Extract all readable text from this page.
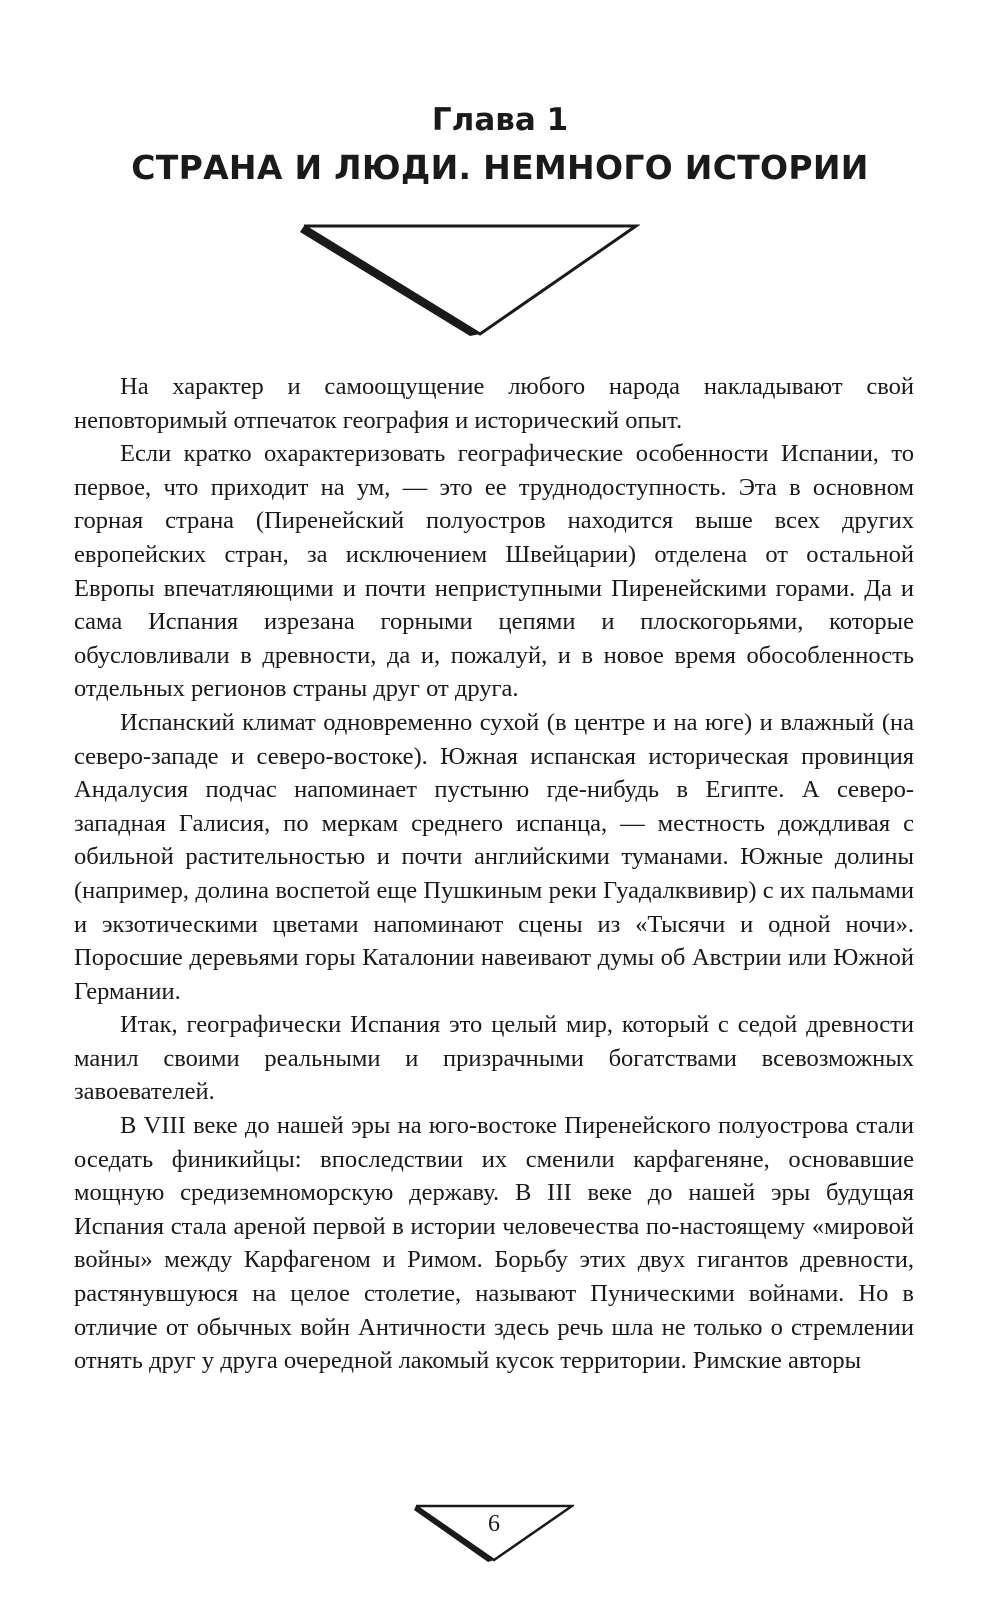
Глава 1
СТРАНА И ЛЮДИ. НЕМНОГО ИСТОРИИ

На характер и самоощущение любого народа накладывают свой неповторимый отпечаток география и исторический опыт.

Если кратко охарактеризовать географические особенности Испании, то первое, что приходит на ум, — это ее труднодоступность. Эта в основном горная страна (Пиренейский полуостров находится выше всех других европейских стран, за исключением Швейцарии) отделена от остальной Европы впечатляющими и почти неприступными Пиренейскими горами. Да и сама Испания изрезана горными цепями и плоскогорьями, которые обусловливали в древности, да и, пожалуй, и в новое время обособленность отдельных регионов страны друг от друга.

Испанский климат одновременно сухой (в центре и на юге) и влажный (на северо-западе и северо-востоке). Южная испанская историческая провинция Андалусия подчас напоминает пустыню где-нибудь в Египте. А северо-западная Галисия, по меркам среднего испанца, — местность дождливая с обильной растительностью и почти английскими туманами. Южные долины (например, долина воспетой еще Пушкиным реки Гуадалквивир) с их пальмами и экзотическими цветами напоминают сцены из «Тысячи и одной ночи». Поросшие деревьями горы Каталонии навеивают думы об Австрии или Южной Германии.

Итак, географически Испания это целый мир, который с седой древности манил своими реальными и призрачными богатствами всевозможных завоевателей.

В VIII веке до нашей эры на юго-востоке Пиренейского полуострова стали оседать финикийцы: впоследствии их сменили карфагеняне, основавшие мощную средиземноморскую державу. В III веке до нашей эры будущая Испания стала ареной первой в истории человечества по-настоящему «мировой войны» между Карфагеном и Римом. Борьбу этих двух гигантов древности, растянувшуюся на целое столетие, называют Пуническими войнами. Но в отличие от обычных войн Античности здесь речь шла не только о стремлении отнять друг у друга очередной лакомый кусок территории. Римские авторы

6
